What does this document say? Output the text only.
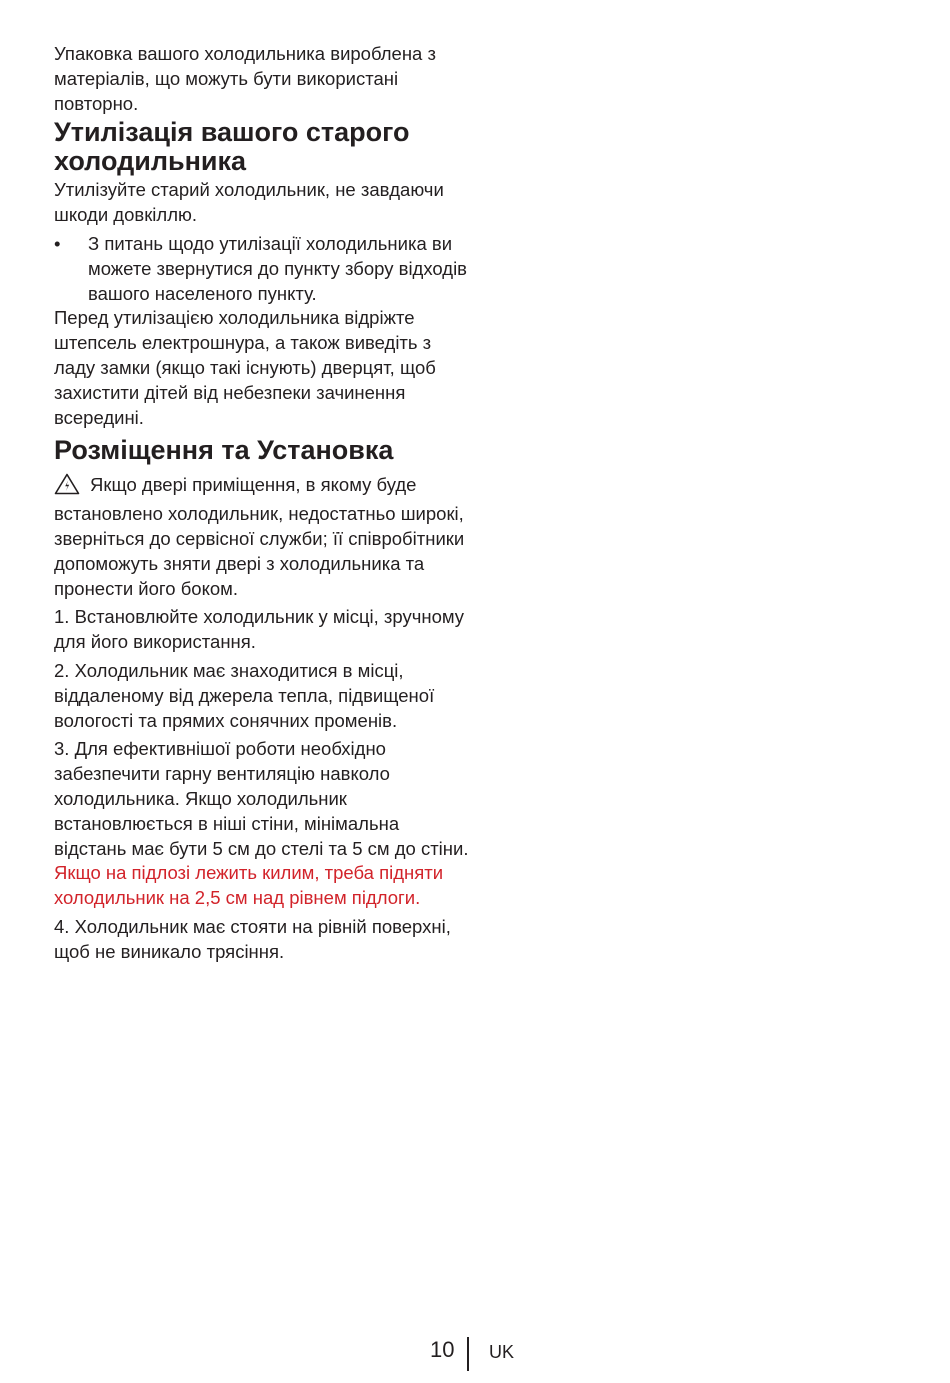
Упаковка вашого холодильника вироблена з матеріалів, що можуть бути використані повторно.

Утилізація вашого старого холодильника

Утилізуйте старий холодильник, не завдаючи шкоди довкіллю.

• З питань щодо утилізації холодильника ви можете звернутися до пункту збору відходів вашого населеного пункту.

Перед утилізацією холодильника відріжте штепсель електрошнура, а також виведіть з ладу замки (якщо такі існують) дверцят, щоб захистити дітей від небезпеки зачинення всередині.

Розміщення та Установка

Якщо двері приміщення, в якому буде встановлено холодильник, недостатньо широкі, зверніться до сервісної служби; її співробітники допоможуть зняти двері з холодильника та пронести його боком.

1. Встановлюйте холодильник у місці, зручному для його використання.

2. Холодильник має знаходитися в місці, віддаленому від джерела тепла, підвищеної вологості та прямих сонячних променів.

3. Для ефективнішої роботи необхідно забезпечити гарну вентиляцію навколо холодильника. Якщо холодильник встановлюється в ніші стіни, мінімальна відстань має бути 5 см до стелі та 5 см до стіни. Якщо на підлозі лежить килим, треба підняти холодильник на 2,5 см над рівнем підлоги.

4. Холодильник має стояти на рівній поверхні, щоб не виникало трясіння.

10 UK
